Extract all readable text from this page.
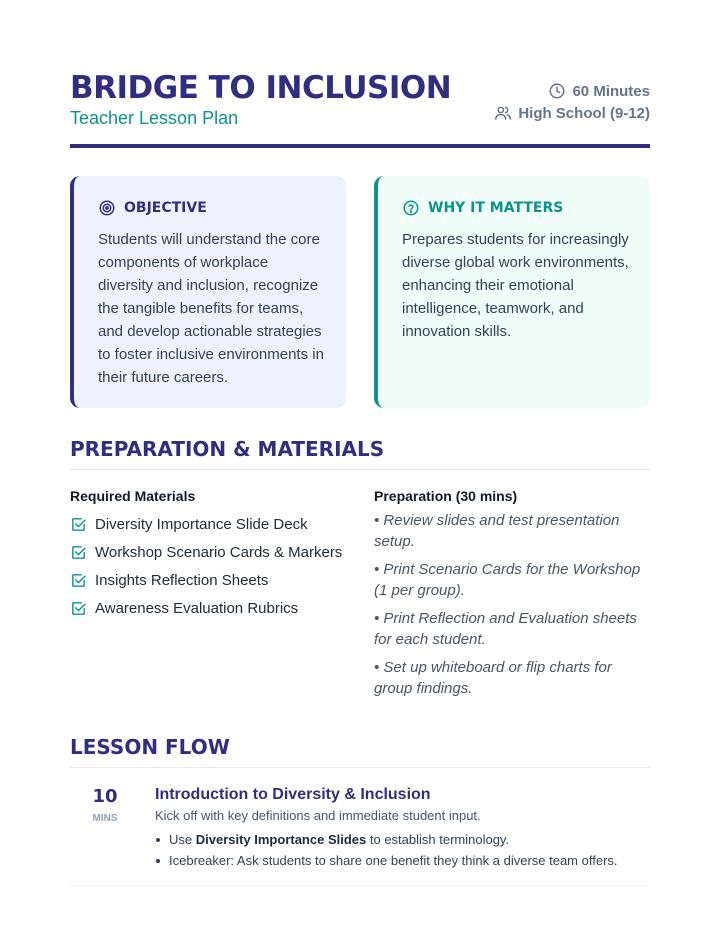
BRIDGE TO INCLUSION
Teacher Lesson Plan
60 Minutes
High School (9-12)
OBJECTIVE
Students will understand the core components of workplace diversity and inclusion, recognize the tangible benefits for teams, and develop actionable strategies to foster inclusive environments in their future careers.
WHY IT MATTERS
Prepares students for increasingly diverse global work environments, enhancing their emotional intelligence, teamwork, and innovation skills.
PREPARATION & MATERIALS
Required Materials
Diversity Importance Slide Deck
Workshop Scenario Cards & Markers
Insights Reflection Sheets
Awareness Evaluation Rubrics
Preparation (30 mins)
• Review slides and test presentation setup.
• Print Scenario Cards for the Workshop (1 per group).
• Print Reflection and Evaluation sheets for each student.
• Set up whiteboard or flip charts for group findings.
LESSON FLOW
10
MINS
Introduction to Diversity & Inclusion
Kick off with key definitions and immediate student input.
Use Diversity Importance Slides to establish terminology.
Icebreaker: Ask students to share one benefit they think a diverse team offers.
